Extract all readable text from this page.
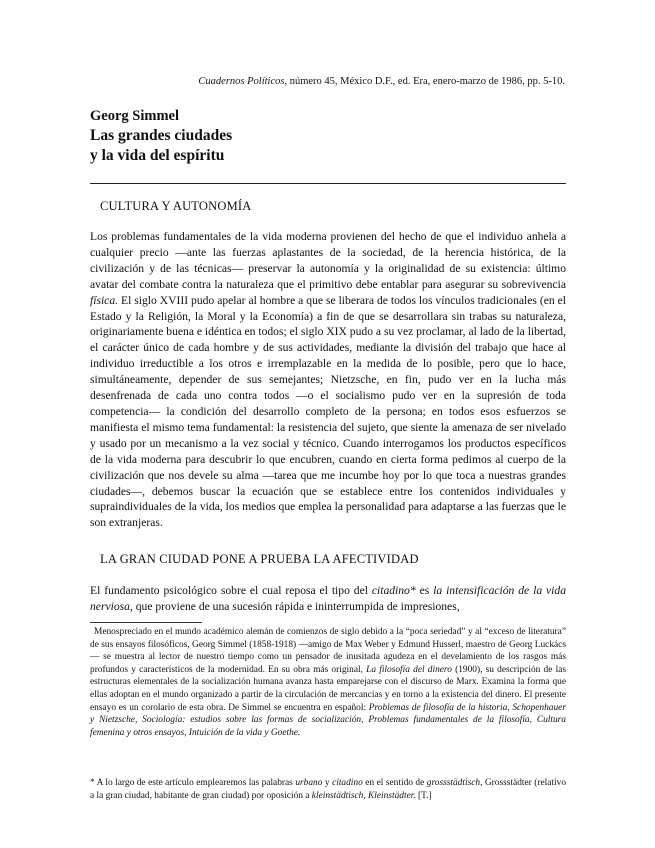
Cuadernos Políticos, número 45, México D.F., ed. Era, enero-marzo de 1986, pp. 5-10.
Georg Simmel
Las grandes ciudades
y la vida del espíritu
CULTURA Y AUTONOMÍA
Los problemas fundamentales de la vida moderna provienen del hecho de que el individuo anhela a cualquier precio —ante las fuerzas aplastantes de la sociedad, de la herencia histórica, de la civilización y de las técnicas— preservar la autonomía y la originalidad de su existencia: último avatar del combate contra la naturaleza que el primitivo debe entablar para asegurar su sobrevivencia física. El siglo XVIII pudo apelar al hombre a que se liberara de todos los vínculos tradicionales (en el Estado y la Religión, la Moral y la Economía) a fin de que se desarrollara sin trabas su naturaleza, originariamente buena e idéntica en todos; el siglo XIX pudo a su vez proclamar, al lado de la libertad, el carácter único de cada hombre y de sus actividades, mediante la división del trabajo que hace al individuo irreductible a los otros e irremplazable en la medida de lo posible, pero que lo hace, simultáneamente, depender de sus semejantes; Nietzsche, en fin, pudo ver en la lucha más desenfrenada de cada uno contra todos —o el socialismo pudo ver en la supresión de toda competencia— la condición del desarrollo completo de la persona; en todos esos esfuerzos se manifiesta el mismo tema fundamental: la resistencia del sujeto, que siente la amenaza de ser nivelado y usado por un mecanismo a la vez social y técnico. Cuando interrogamos los productos específicos de la vida moderna para descubrir lo que encubren, cuando en cierta forma pedimos al cuerpo de la civilización que nos devele su alma —tarea que me incumbe hoy por lo que toca a nuestras grandes ciudades—, debemos buscar la ecuación que se establece entre los contenidos individuales y supraindividuales de la vida, los medios que emplea la personalidad para adaptarse a las fuerzas que le son extranjeras.
LA GRAN CIUDAD PONE A PRUEBA LA AFECTIVIDAD
El fundamento psicológico sobre el cual reposa el tipo del citadino* es la intensificación de la vida nerviosa, que proviene de una sucesión rápida e ininterrumpida de impresiones,
Menospreciado en el mundo académico alemán de comienzos de siglo debido a la “poca seriedad” y al “exceso de literatura” de sus ensayos filosóficos, Georg Simmel (1858-1918) —amigo de Max Weber y Edmund Husserl, maestro de Georg Luckács— se muestra al lector de nuestro tiempo como un pensador de inusitada agudeza en el develamiento de los rasgos más profundos y característicos de la modernidad. En su obra más original, La filosofía del dinero (1900), su descripción de las estructuras elementales de la socialización humana avanza hasta emparejarse con el discurso de Marx. Examina la forma que ellas adoptan en el mundo organizado a partir de la circulación de mercancías y en torno a la existencia del dinero. El presente ensayo es un corolario de esta obra. De Simmel se encuentra en español: Problemas de filosofía de la historia, Schopenhauer y Nietzsche, Sociología: estudios sobre las formas de socialización, Problemas fundamentales de la filosofía, Cultura femenina y otros ensayos, Intuición de la vida y Goethe.
* A lo largo de este artículo emplearemos las palabras urbano y citadino en el sentido de grossstädtisch, Grossstädter (relativo a la gran ciudad, habitante de gran ciudad) por oposición a kleinstädtisch, Kleinstädter. [T.]
